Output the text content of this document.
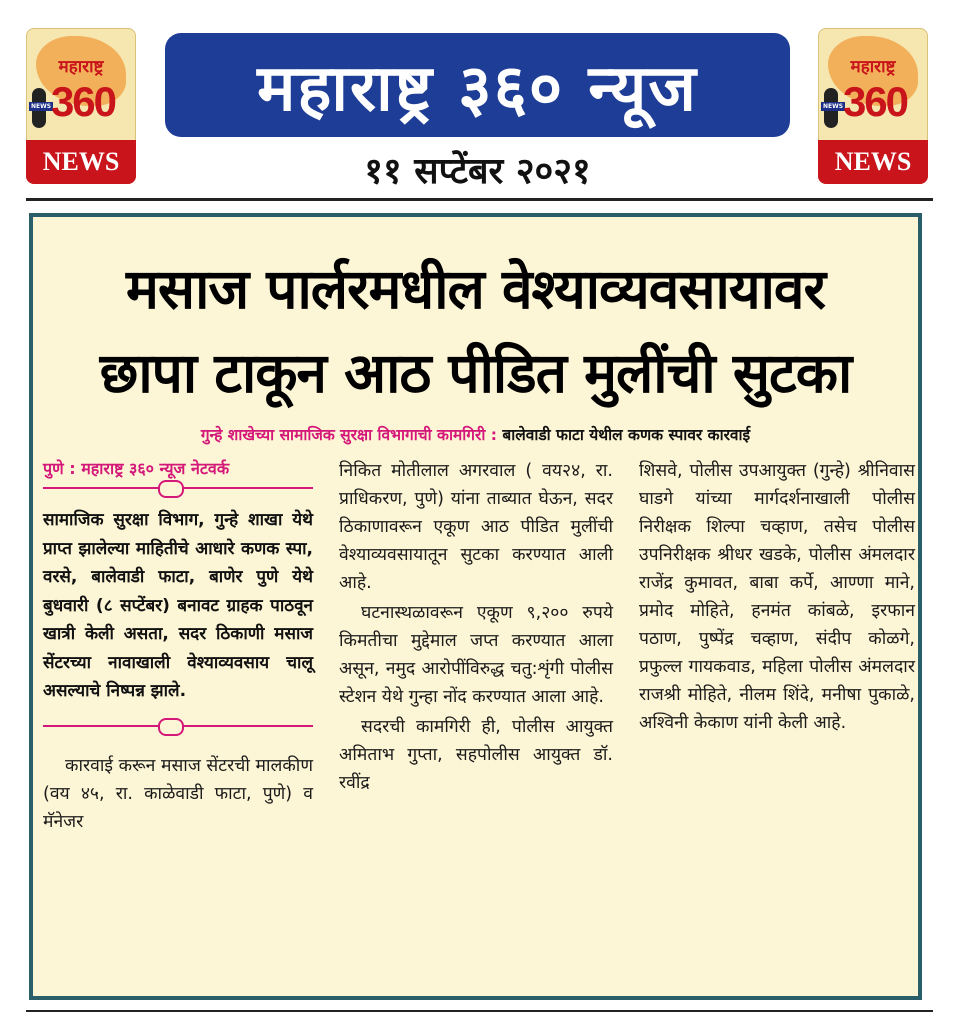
महाराष्ट्र
NEWS 360
NEWS
महाराष्ट्र ३६० न्यूज
११ सप्टेंबर २०२१
महाराष्ट्र
NEWS 360
NEWS
मसाज पार्लरमधील वेश्याव्यवसायावर
छापा टाकून आठ पीडित मुलींची सुटका
गुन्हे शाखेच्या सामाजिक सुरक्षा विभागाची कामगिरी : बालेवाडी फाटा येथील कणक स्पावर कारवाई
पुणे : महाराष्ट्र ३६० न्यूज नेटवर्क

सामाजिक सुरक्षा विभाग, गुन्हे शाखा येथे प्राप्त झालेल्या माहितीचे आधारे कणक स्पा, वरसे, बालेवाडी फाटा, बाणेर पुणे येथे बुधवारी (८ सप्टेंबर) बनावट ग्राहक पाठवून खात्री केली असता, सदर ठिकाणी मसाज सेंटरच्या नावाखाली वेश्याव्यवसाय चालू असल्याचे निष्पन्न झाले.

कारवाई करून मसाज सेंटरची मालकीण (वय ४५, रा. काळेवाडी फाटा, पुणे) व मॅनेजर

निकित मोतीलाल अगरवाल ( वय२४, रा. प्राधिकरण, पुणे) यांना ताब्यात घेऊन, सदर ठिकाणावरून एकूण आठ पीडित मुलींची वेश्याव्यवसायातून सुटका करण्यात आली आहे.

घटनास्थळावरून एकूण ९,२०० रुपये किमतीचा मुद्देमाल जप्त करण्यात आला असून, नमुद आरोपींविरुद्ध चतु:शृंगी पोलीस स्टेशन येथे गुन्हा नोंद करण्यात आला आहे.

सदरची कामगिरी ही, पोलीस आयुक्त अमिताभ गुप्ता, सहपोलीस आयुक्त डॉ. रवींद्र

शिसवे, पोलीस उपआयुक्त (गुन्हे) श्रीनिवास घाडगे यांच्या मार्गदर्शनाखाली पोलीस निरीक्षक शिल्पा चव्हाण, तसेच पोलीस उपनिरीक्षक श्रीधर खडके, पोलीस अंमलदार राजेंद्र कुमावत, बाबा कर्पे, आण्णा माने, प्रमोद मोहिते, हनमंत कांबळे, इरफान पठाण, पुष्पेंद्र चव्हाण, संदीप कोळगे, प्रफुल्ल गायकवाड, महिला पोलीस अंमलदार राजश्री मोहिते, नीलम शिंदे, मनीषा पुकाळे, अश्विनी केकाण यांनी केली आहे.
